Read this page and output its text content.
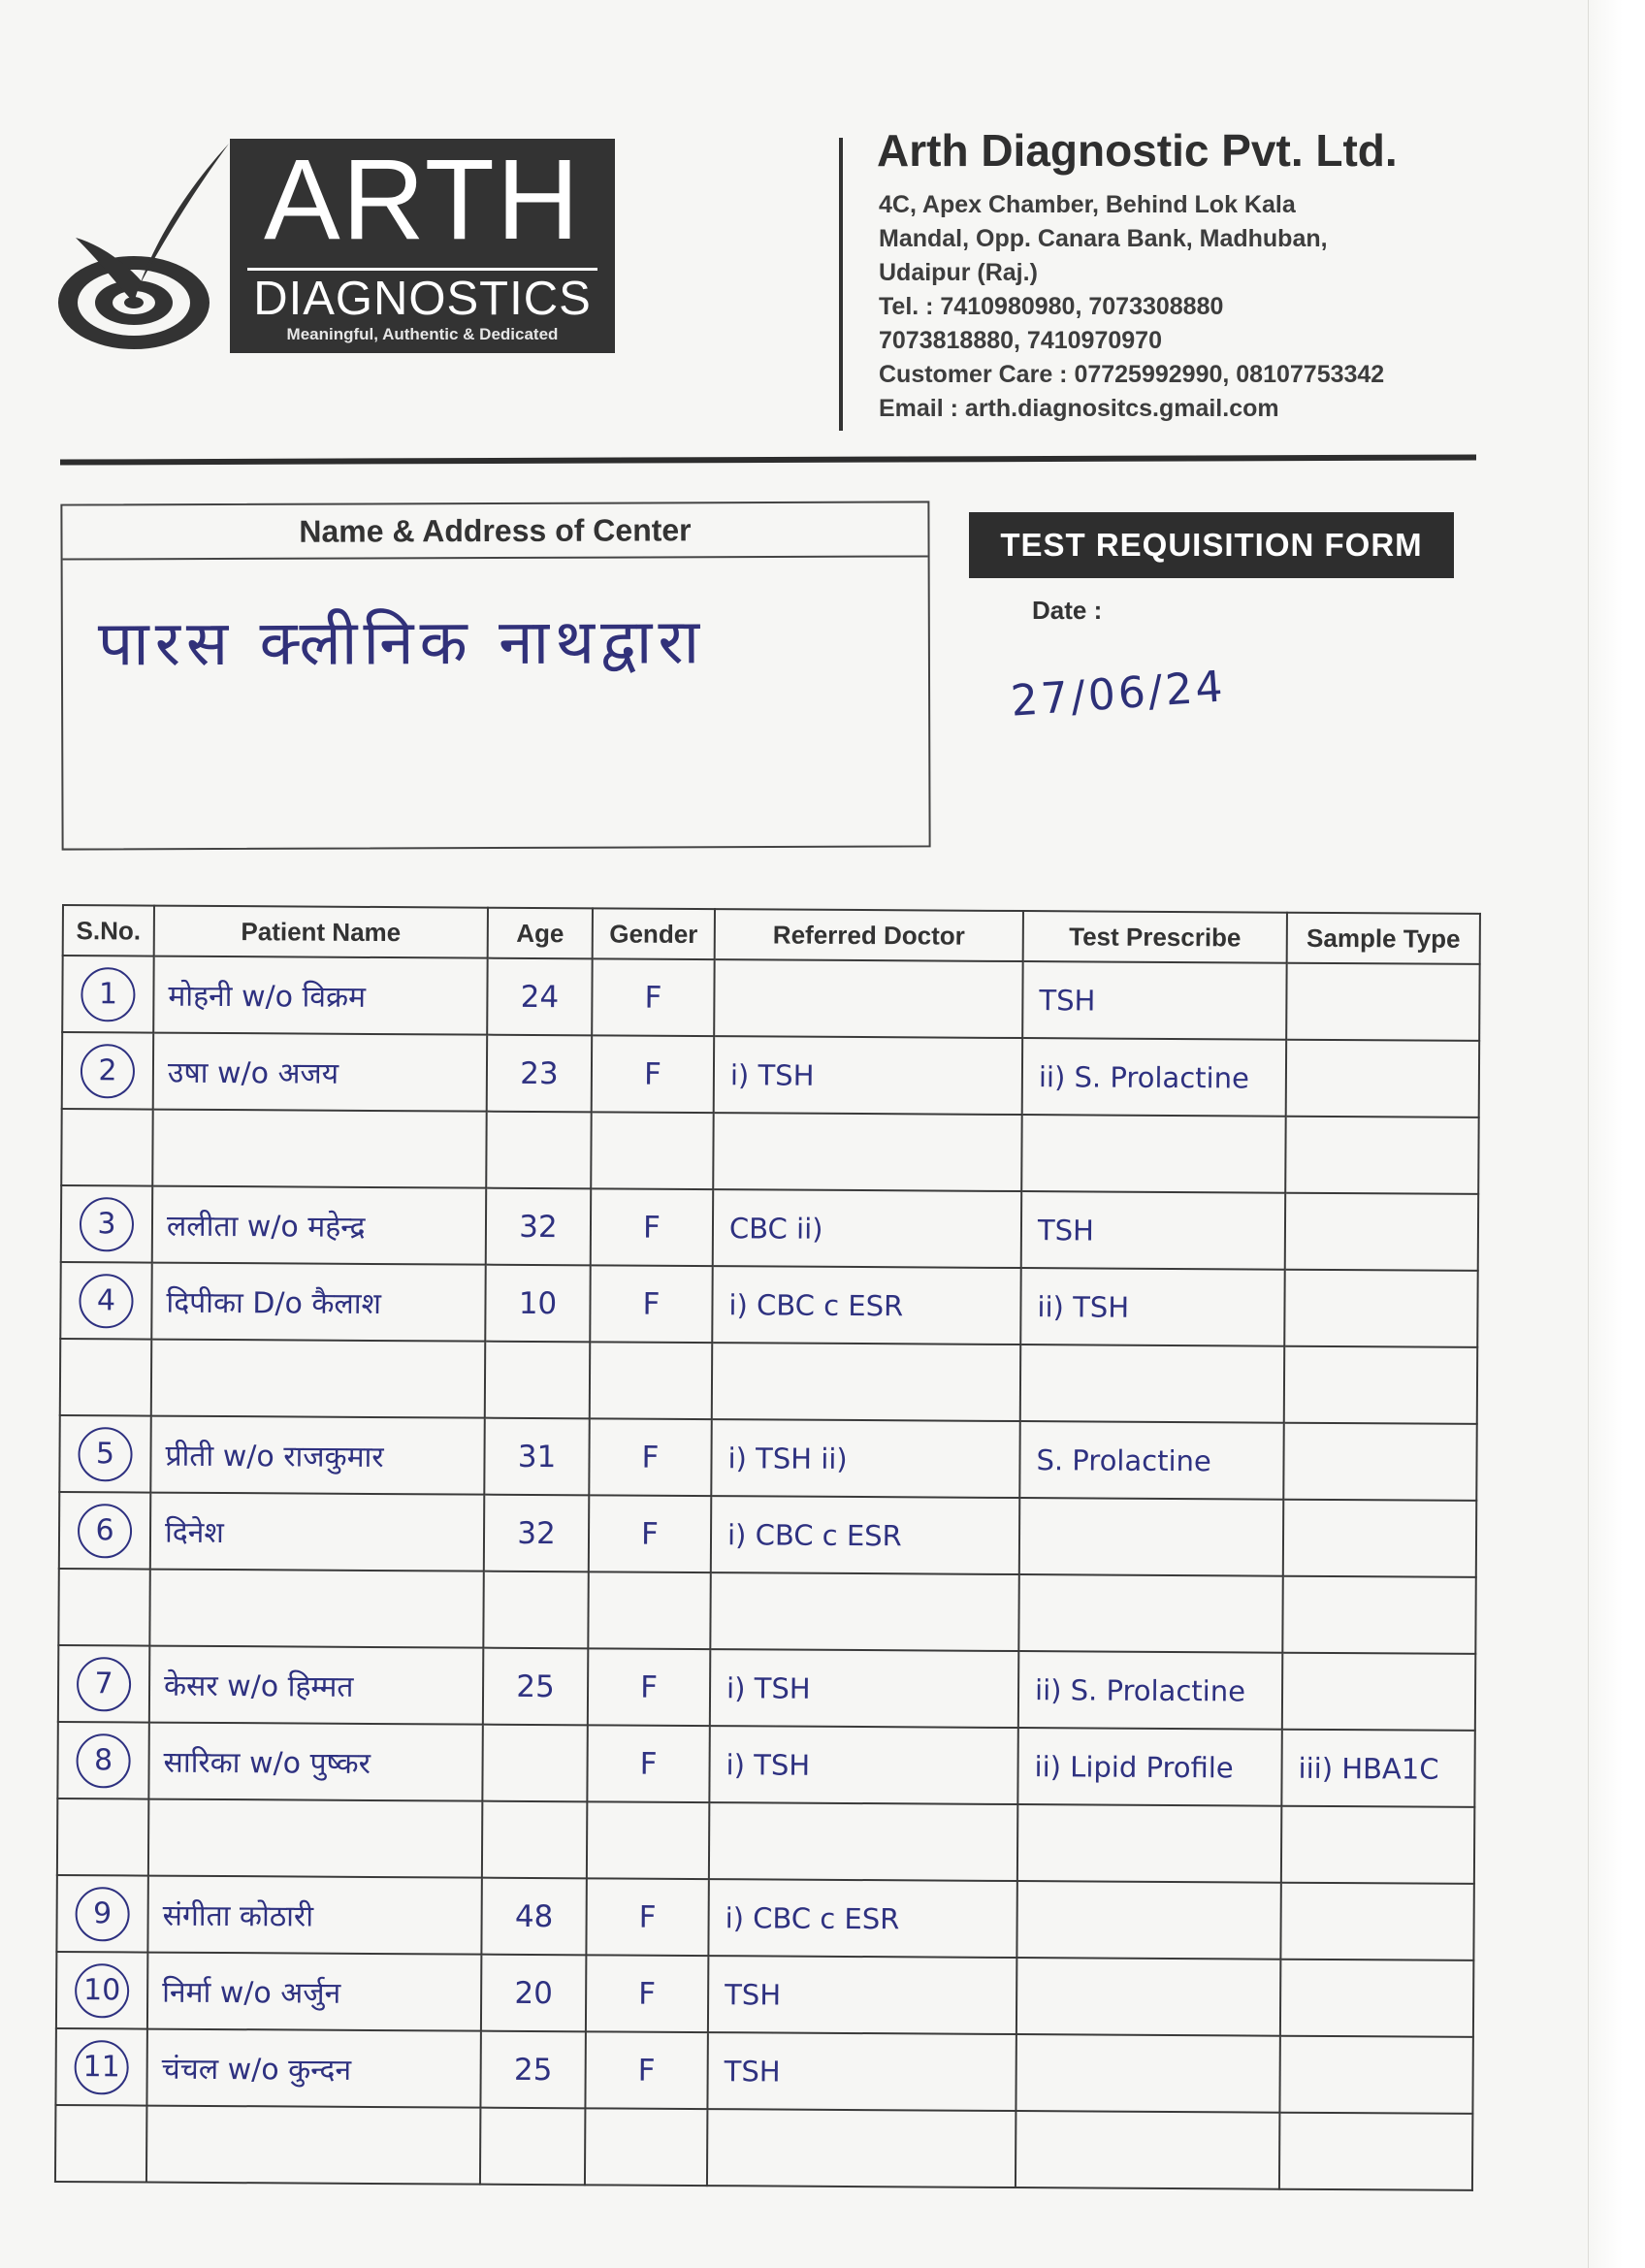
ARTH
DIAGNOSTICS
Meaningful, Authentic & Dedicated
Arth Diagnostic Pvt. Ltd.
4C, Apex Chamber, Behind Lok Kala
Mandal, Opp. Canara Bank, Madhuban,
Udaipur (Raj.)
Tel. : 7410980980, 7073308880
7073818880, 7410970970
Customer Care : 07725992990, 08107753342
Email : arth.diagnositcs.gmail.com
Name & Address of Center
पारस क्लीनिक नाथद्वारा
TEST REQUISITION FORM
Date :
27/06/24
S.No.	Patient Name	Age	Gender	Referred Doctor	Test Prescribe	Sample Type
1	मोहनी w/o विक्रम	24	F		TSH	
2	उषा w/o अजय	23	F	i) TSH	ii) S. Prolactine	

3	ललीता w/o महेन्द्र	32	F	CBC ii)	TSH	
4	दिपीका D/o कैलाश	10	F	i) CBC c ESR	ii) TSH	

5	प्रीती w/o राजकुमार	31	F	i) TSH ii)	S. Prolactine	
6	दिनेश	32	F	i) CBC c ESR		

7	केसर w/o हिम्मत	25	F	i) TSH	ii) S. Prolactine	
8	सारिका w/o पुष्कर		F	i) TSH	ii) Lipid Profile	iii) HBA1C

9	संगीता कोठारी	48	F	i) CBC c ESR		
10	निर्मा w/o अर्जुन	20	F	TSH		
11	चंचल w/o कुन्दन	25	F	TSH		
